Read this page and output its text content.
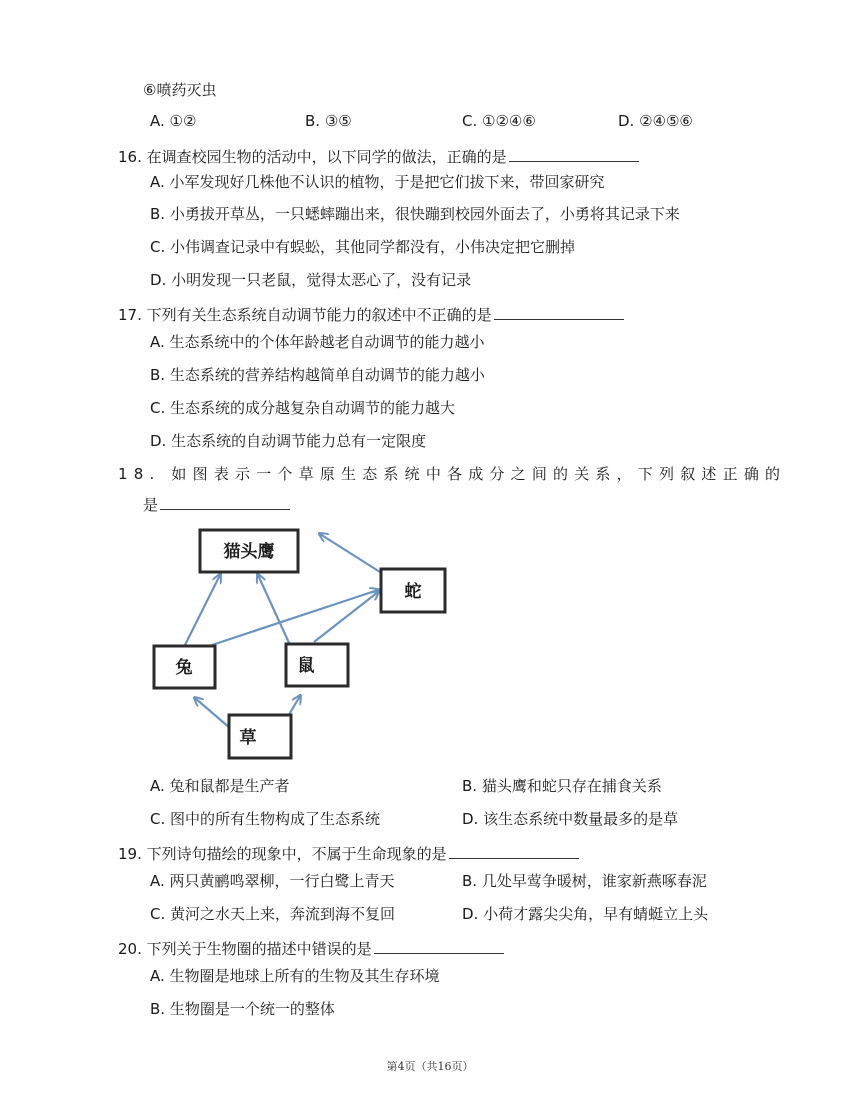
⑥喷药灭虫
A. ①②	B. ③⑤	C. ①②④⑥	D. ②④⑤⑥
16. 在调查校园生物的活动中，以下同学的做法，正确的是
A. 小军发现好几株他不认识的植物，于是把它们拔下来，带回家研究
B. 小勇拔开草丛，一只蟋蟀蹦出来，很快蹦到校园外面去了，小勇将其记录下来
C. 小伟调查记录中有蜈蚣，其他同学都没有，小伟决定把它删掉
D. 小明发现一只老鼠，觉得太恶心了，没有记录
17. 下列有关生态系统自动调节能力的叙述中不正确的是
A. 生态系统中的个体年龄越老自动调节的能力越小
B. 生态系统的营养结构越简单自动调节的能力越小
C. 生态系统的成分越复杂自动调节的能力越大
D. 生态系统的自动调节能力总有一定限度
18. 如图表示一个草原生态系统中各成分之间的关系，下列叙述正确的
是
猫头鹰
蛇
兔	鼠
草
A. 兔和鼠都是生产者	B. 猫头鹰和蛇只存在捕食关系
C. 图中的所有生物构成了生态系统	D. 该生态系统中数量最多的是草
19. 下列诗句描绘的现象中，不属于生命现象的是
A. 两只黄鹂鸣翠柳，一行白鹭上青天	B. 几处早莺争暖树，谁家新燕啄春泥
C. 黄河之水天上来，奔流到海不复回	D. 小荷才露尖尖角，早有蜻蜓立上头
20. 下列关于生物圈的描述中错误的是
A. 生物圈是地球上所有的生物及其生存环境
B. 生物圈是一个统一的整体
第4页（共16页）
